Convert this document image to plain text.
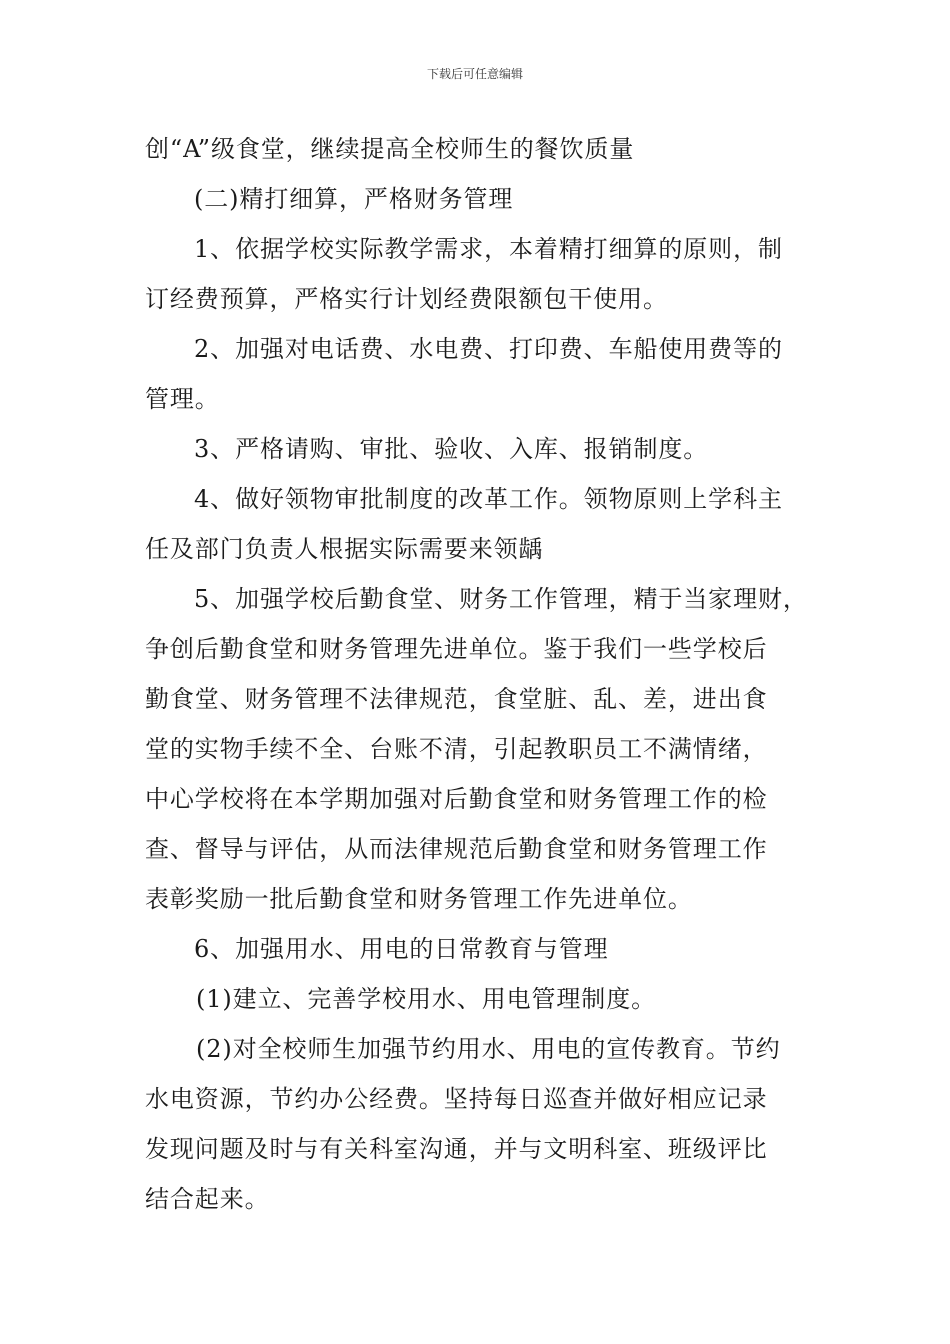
下载后可任意编辑
创“A”级食堂，继续提高全校师生的餐饮质量
(二)精打细算，严格财务管理
1、依据学校实际教学需求，本着精打细算的原则，制
订经费预算，严格实行计划经费限额包干使用。
2、加强对电话费、水电费、打印费、车船使用费等的
管理。
3、严格请购、审批、验收、入库、报销制度。
4、做好领物审批制度的改革工作。领物原则上学科主
任及部门负责人根据实际需要来领龋
5、加强学校后勤食堂、财务工作管理，精于当家理财，
争创后勤食堂和财务管理先进单位。鉴于我们一些学校后
勤食堂、财务管理不法律规范，食堂脏、乱、差，进出食
堂的实物手续不全、台账不清，引起教职员工不满情绪，
中心学校将在本学期加强对后勤食堂和财务管理工作的检
查、督导与评估，从而法律规范后勤食堂和财务管理工作
表彰奖励一批后勤食堂和财务管理工作先进单位。
6、加强用水、用电的日常教育与管理
(1)建立、完善学校用水、用电管理制度。
(2)对全校师生加强节约用水、用电的宣传教育。节约
水电资源，节约办公经费。坚持每日巡查并做好相应记录
发现问题及时与有关科室沟通，并与文明科室、班级评比
结合起来。
